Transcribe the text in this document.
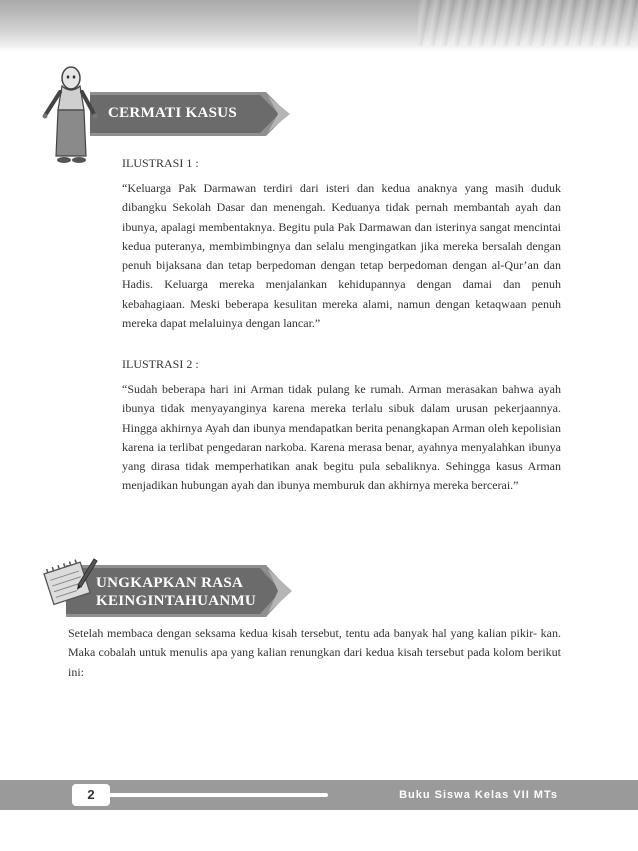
CERMATI KASUS
ILUSTRASI 1 :

“Keluarga Pak Darmawan terdiri dari isteri dan kedua anaknya yang masih duduk dibangku Sekolah Dasar dan menengah. Keduanya tidak pernah membantah ayah dan ibunya, apalagi membentaknya. Begitu pula Pak Darmawan dan isterinya sangat mencintai kedua puteranya, membimbingnya dan selalu mengingatkan jika mereka bersalah dengan penuh bijaksana dan tetap berpedoman dengan tetap berpedoman dengan al-Qur’an dan Hadis. Keluarga mereka menjalankan kehidupannya dengan damai dan penuh kebahagiaan. Meski beberapa kesulitan mereka alami, namun dengan ketaqwaan penuh mereka dapat melaluinya dengan lancar.”

ILUSTRASI 2 :

“Sudah beberapa hari ini Arman tidak pulang ke rumah. Arman merasakan bahwa ayah ibunya tidak menyayanginya karena mereka terlalu sibuk dalam urusan pekerjaannya. Hingga akhirnya Ayah dan ibunya mendapatkan berita penangkapan Arman oleh kepolisian karena ia terlibat pengedaran narkoba. Karena merasa benar, ayahnya menyalahkan ibunya yang dirasa tidak memperhatikan anak begitu pula sebaliknya. Sehingga kasus Arman menjadikan hubungan ayah dan ibunya memburuk dan akhirnya mereka bercerai.”

UNGKAPKAN RASA
KEINGINTAHUANMU

Setelah membaca dengan seksama kedua kisah tersebut, tentu ada banyak hal yang kalian pikir- kan. Maka cobalah untuk menulis apa yang kalian renungkan dari kedua kisah tersebut pada kolom berikut ini:

2	Buku Siswa Kelas VII MTs
